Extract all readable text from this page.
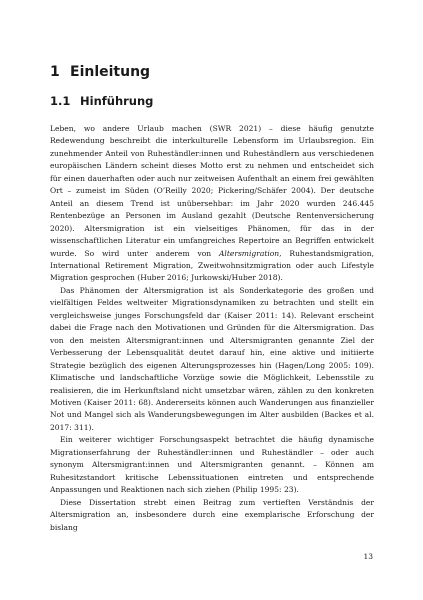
1 Einleitung
1.1 Hinführung

Leben, wo andere Urlaub machen (SWR 2021) – diese häufig genutzte Redewendung beschreibt die interkulturelle Lebensform im Urlaubsregion. Ein zunehmender Anteil von Ruheständler:innen und Ruheständlern aus verschiedenen europäischen Ländern scheint dieses Motto erst zu nehmen und entscheidet sich für einen dauerhaften oder auch nur zeitweisen Aufenthalt an einem frei gewählten Ort – zumeist im Süden (O’Reilly 2020; Pickering/Schäfer 2004). Der deutsche Anteil an diesem Trend ist unübersehbar: im Jahr 2020 wurden 246.445 Rentenbezüge an Personen im Ausland gezahlt (Deutsche Rentenversicherung 2020). Altersmigration ist ein vielseitiges Phänomen, für das in der wissenschaftlichen Literatur ein umfangreiches Repertoire an Begriffen entwickelt wurde. So wird unter anderem von Altersmigration, Ruhestandsmigration, International Retirement Migration, Zweitwohnsitzmigration oder auch Lifestyle Migration gesprochen (Huber 2016; Jurkowski/Huber 2018).

Das Phänomen der Altersmigration ist als Sonderkategorie des großen und vielfältigen Feldes weltweiter Migrationsdynamiken zu betrachten und stellt ein vergleichsweise junges Forschungsfeld dar (Kaiser 2011: 14). Relevant erscheint dabei die Frage nach den Motivationen und Gründen für die Altersmigration. Das von den meisten Altersmigrant:innen und Altersmigranten genannte Ziel der Verbesserung der Lebensqualität deutet darauf hin, eine aktive und initiierte Strategie bezüglich des eigenen Alterungsprozesses hin (Hagen/Long 2005: 109). Klimatische und landschaftliche Vorzüge sowie die Möglichkeit, Lebensstile zu realisieren, die im Herkunftsland nicht umsetzbar wären, zählen zu den konkreten Motiven (Kaiser 2011: 68). Andererseits können auch Wanderungen aus finanzieller Not und Mangel sich als Wanderungsbewegungen im Alter ausbilden (Backes et al. 2017: 311).

Ein weiterer wichtiger Forschungsaspekt betrachtet die häufig dynamische Migrationserfahrung der Ruheständler:innen und Ruheständler – oder auch synonym Altersmigrant:innen und Altersmigranten genannt. – Können am Ruhesitzstandort kritische Lebenssituationen eintreten und entsprechende Anpassungen und Reaktionen nach sich ziehen (Philip 1995: 23).

Diese Dissertation strebt einen Beitrag zum vertieften Verständnis der Altersmigration an, insbesondere durch eine exemplarische Erforschung der bislang

13
